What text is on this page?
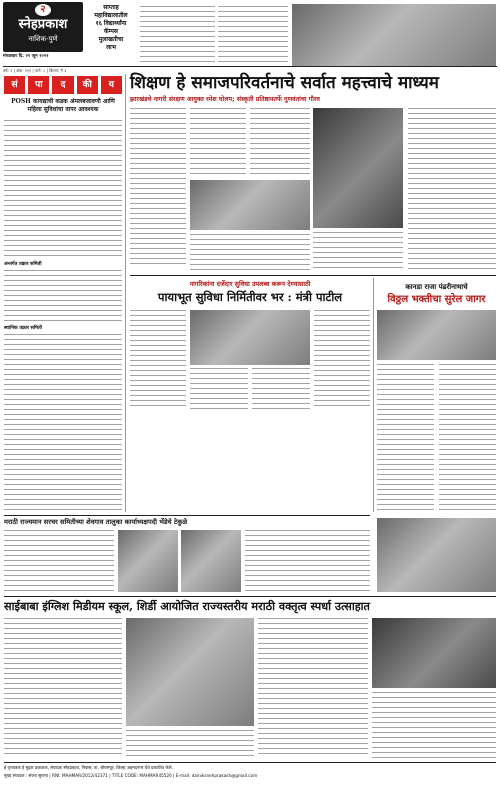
२
स्नेहप्रकाश
नाशिक-पुणे
मंगळवार दि. २१ जून २०२१
साप्ताह
महाविद्यालातील
१६ विद्यार्थ्यांना
कॅम्पस
मुलाखतीचा
लाभ
वर्ष: १ | अंक: ११२ | पाने: ८ | किंमत: ₹ ३
सं	पा	द	की	य
POSH कायद्याची कडक अंमलबजावणी आणि महिला सुविधांचा वापर आवश्यक
अन्तर्गत तक्रार समिती
स्थानिक तक्रार समिती
शिक्षण हे समाजपरिवर्तनाचे सर्वात महत्त्वाचे माध्यम
झारखंडचे नागरी संरक्षण आयुक्त रमेश घोलप; संस्कृती प्रतिष्ठानतर्फे गुणवंतांचा गौरव
नागरिकांना दर्जेदार सुविधा उपलब्ध करून देण्यासाठी
पायाभूत सुविधा निर्मितीवर भर : मंत्री पाटील
कानडा राजा पंढरीनाथाचे
विठ्ठल भक्तीचा सुरेल जागर
मराठी राज्यमान सरचर समितीच्या शेवगाव तालुका कार्याध्यक्षपदी भेंडेचे टेकुळे
साईबाबा इंग्लिश मिडीयम स्कूल, शिर्डी आयोजित राज्यस्तरीय मराठी वक्तृत्व स्पर्धा उत्साहात
हे वृत्तपत्रक हे मुद्रक प्रकाशक, संपादक स्नेहप्रकाश, निवास, ता. श्रीरामपूर, जिल्हा अहमदनगर येथे प्रकाशित केले.
मुख्य संपादक : संजय सुराणा | RNI: MAHMAR/2012/42371 | TITLE CODE: MAHMAR45526 | E-mail: dainiksnehprakash@gmail.com
